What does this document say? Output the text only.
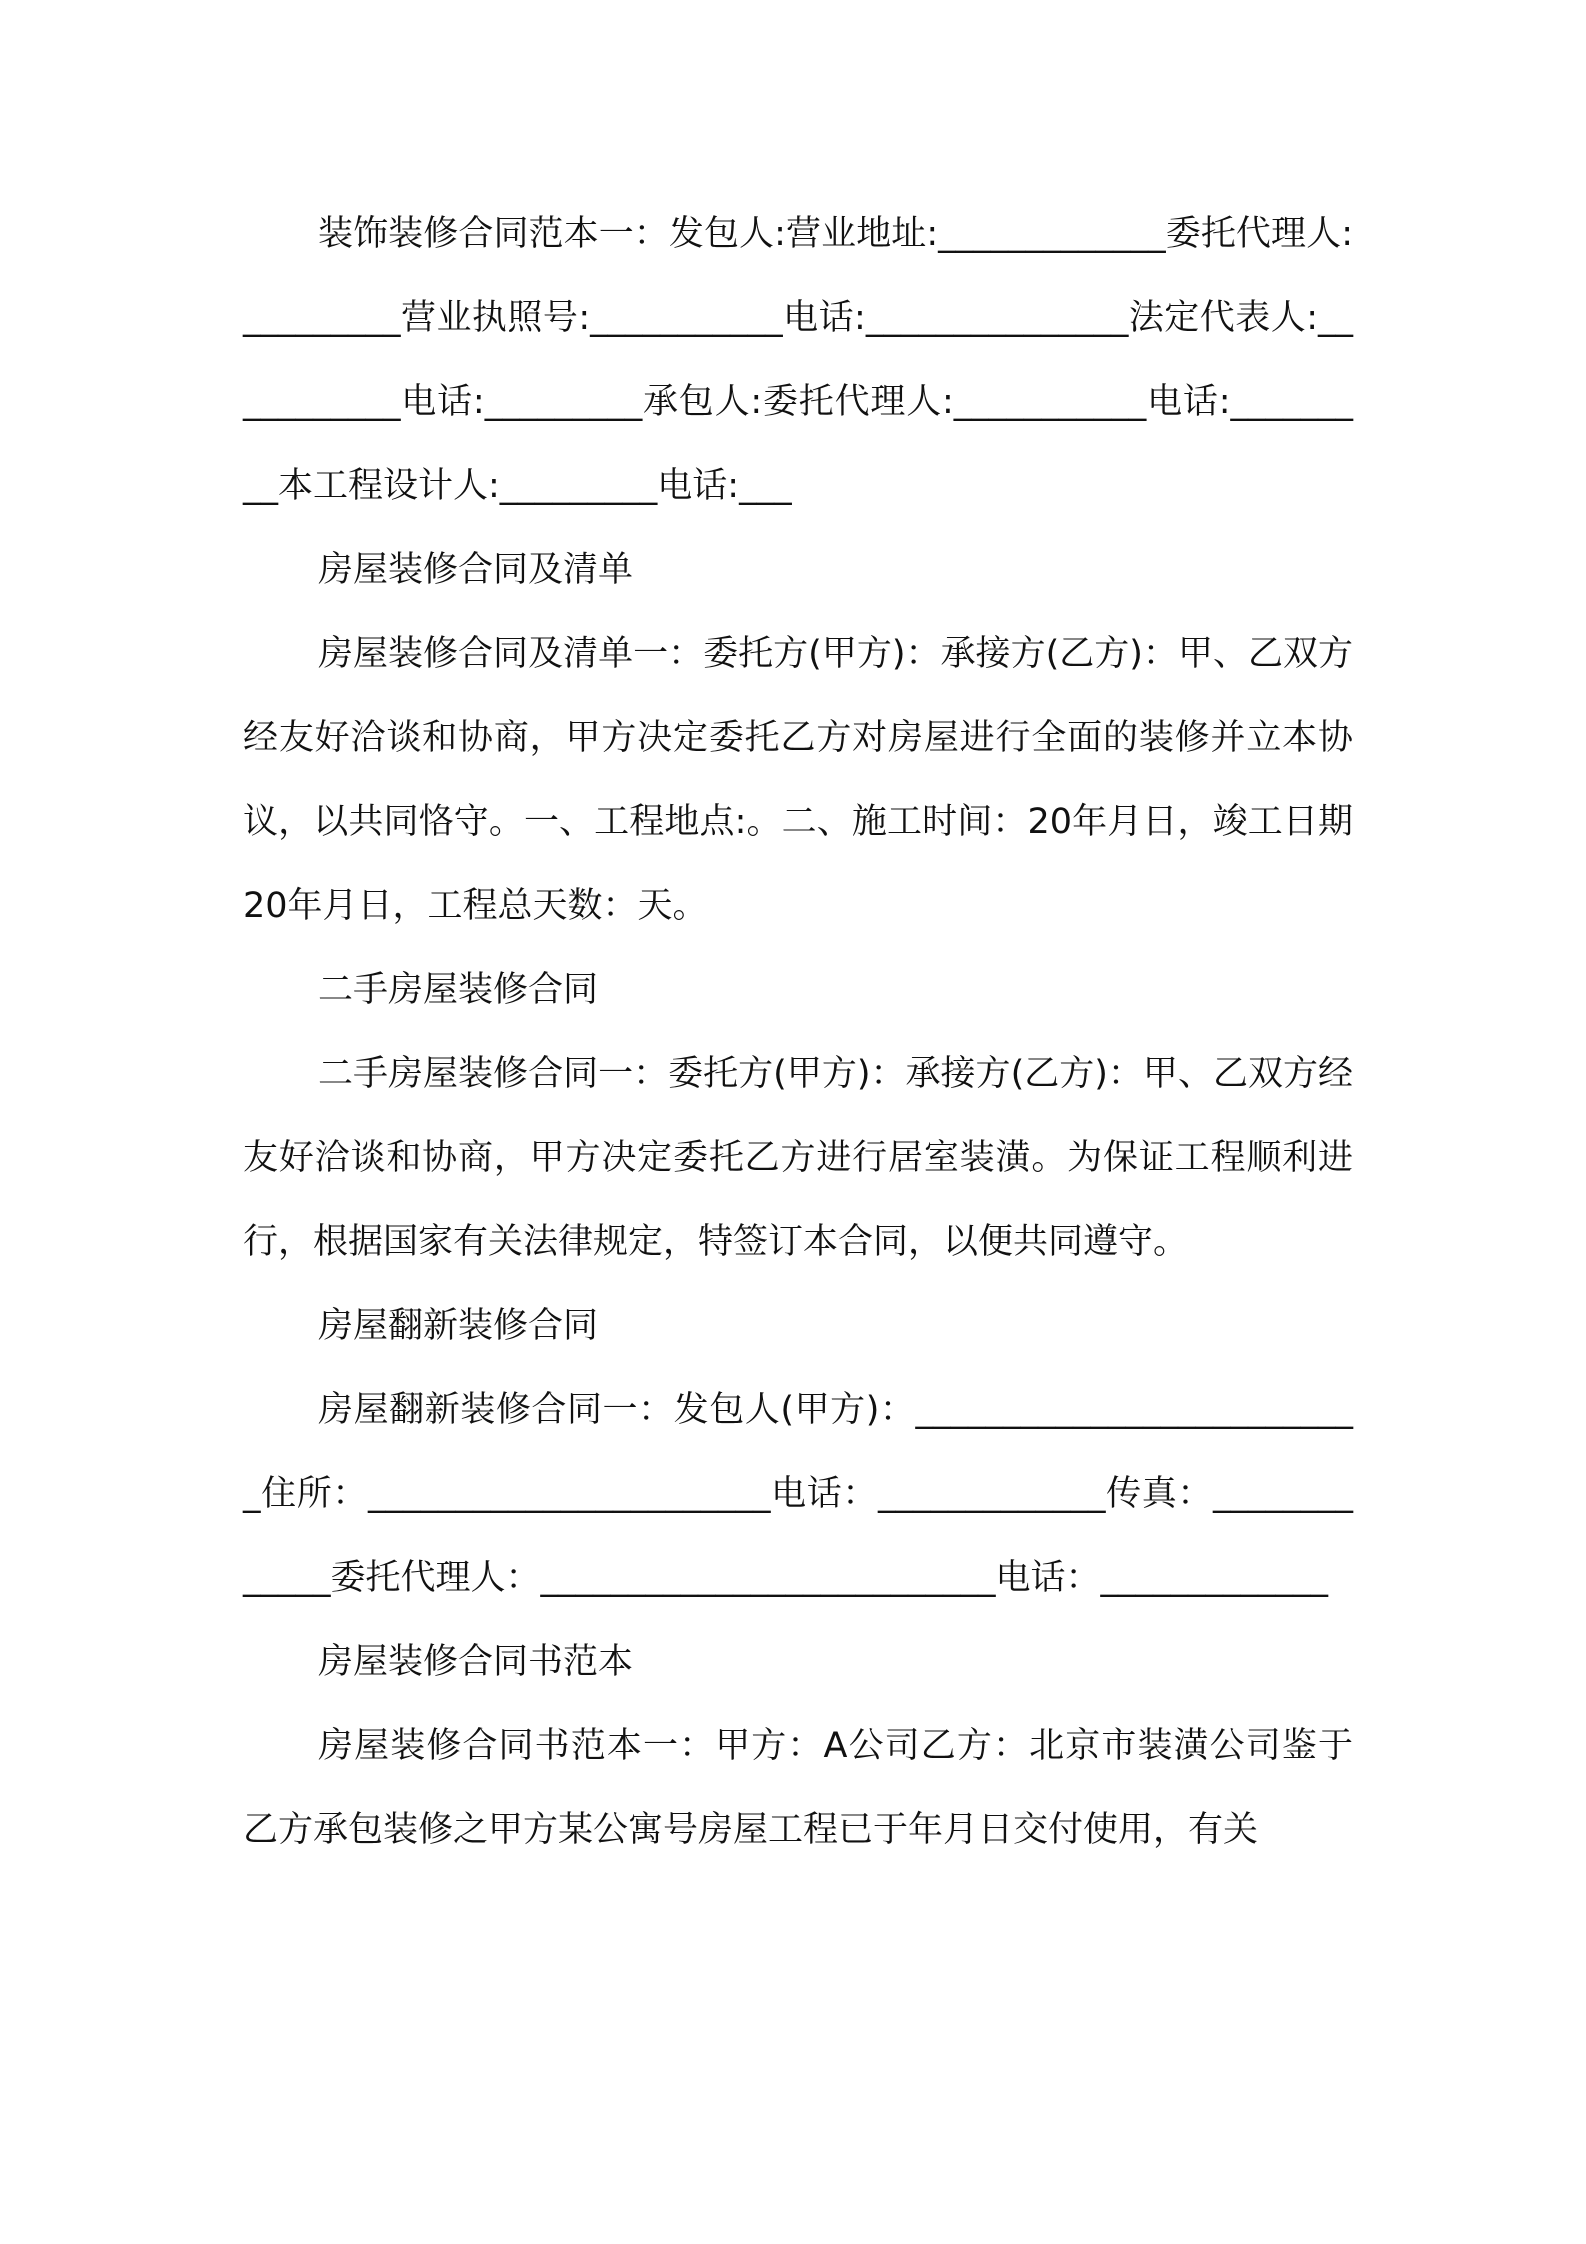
装饰装修合同范本一：发包人:营业地址:_____________委托代理人:_________营业执照号:___________电话:_______________法定代表人:___________电话:_________承包人:委托代理人:___________电话:_________本工程设计人:_________电话:___

房屋装修合同及清单

房屋装修合同及清单一：委托方(甲方)：承接方(乙方)：甲、乙双方经友好洽谈和协商，甲方决定委托乙方对房屋进行全面的装修并立本协议，以共同恪守。一、工程地点:。二、施工时间：20年月日，竣工日期20年月日，工程总天数：天。

二手房屋装修合同

二手房屋装修合同一：委托方(甲方)：承接方(乙方)：甲、乙双方经友好洽谈和协商，甲方决定委托乙方进行居室装潢。为保证工程顺利进行，根据国家有关法律规定，特签订本合同，以便共同遵守。

房屋翻新装修合同

房屋翻新装修合同一：发包人(甲方)：__________________________住所：_______________________电话：_____________传真：_____________委托代理人：__________________________电话：_____________

房屋装修合同书范本

房屋装修合同书范本一：甲方：A公司乙方：北京市装潢公司鉴于乙方承包装修之甲方某公寓号房屋工程已于年月日交付使用，有关
